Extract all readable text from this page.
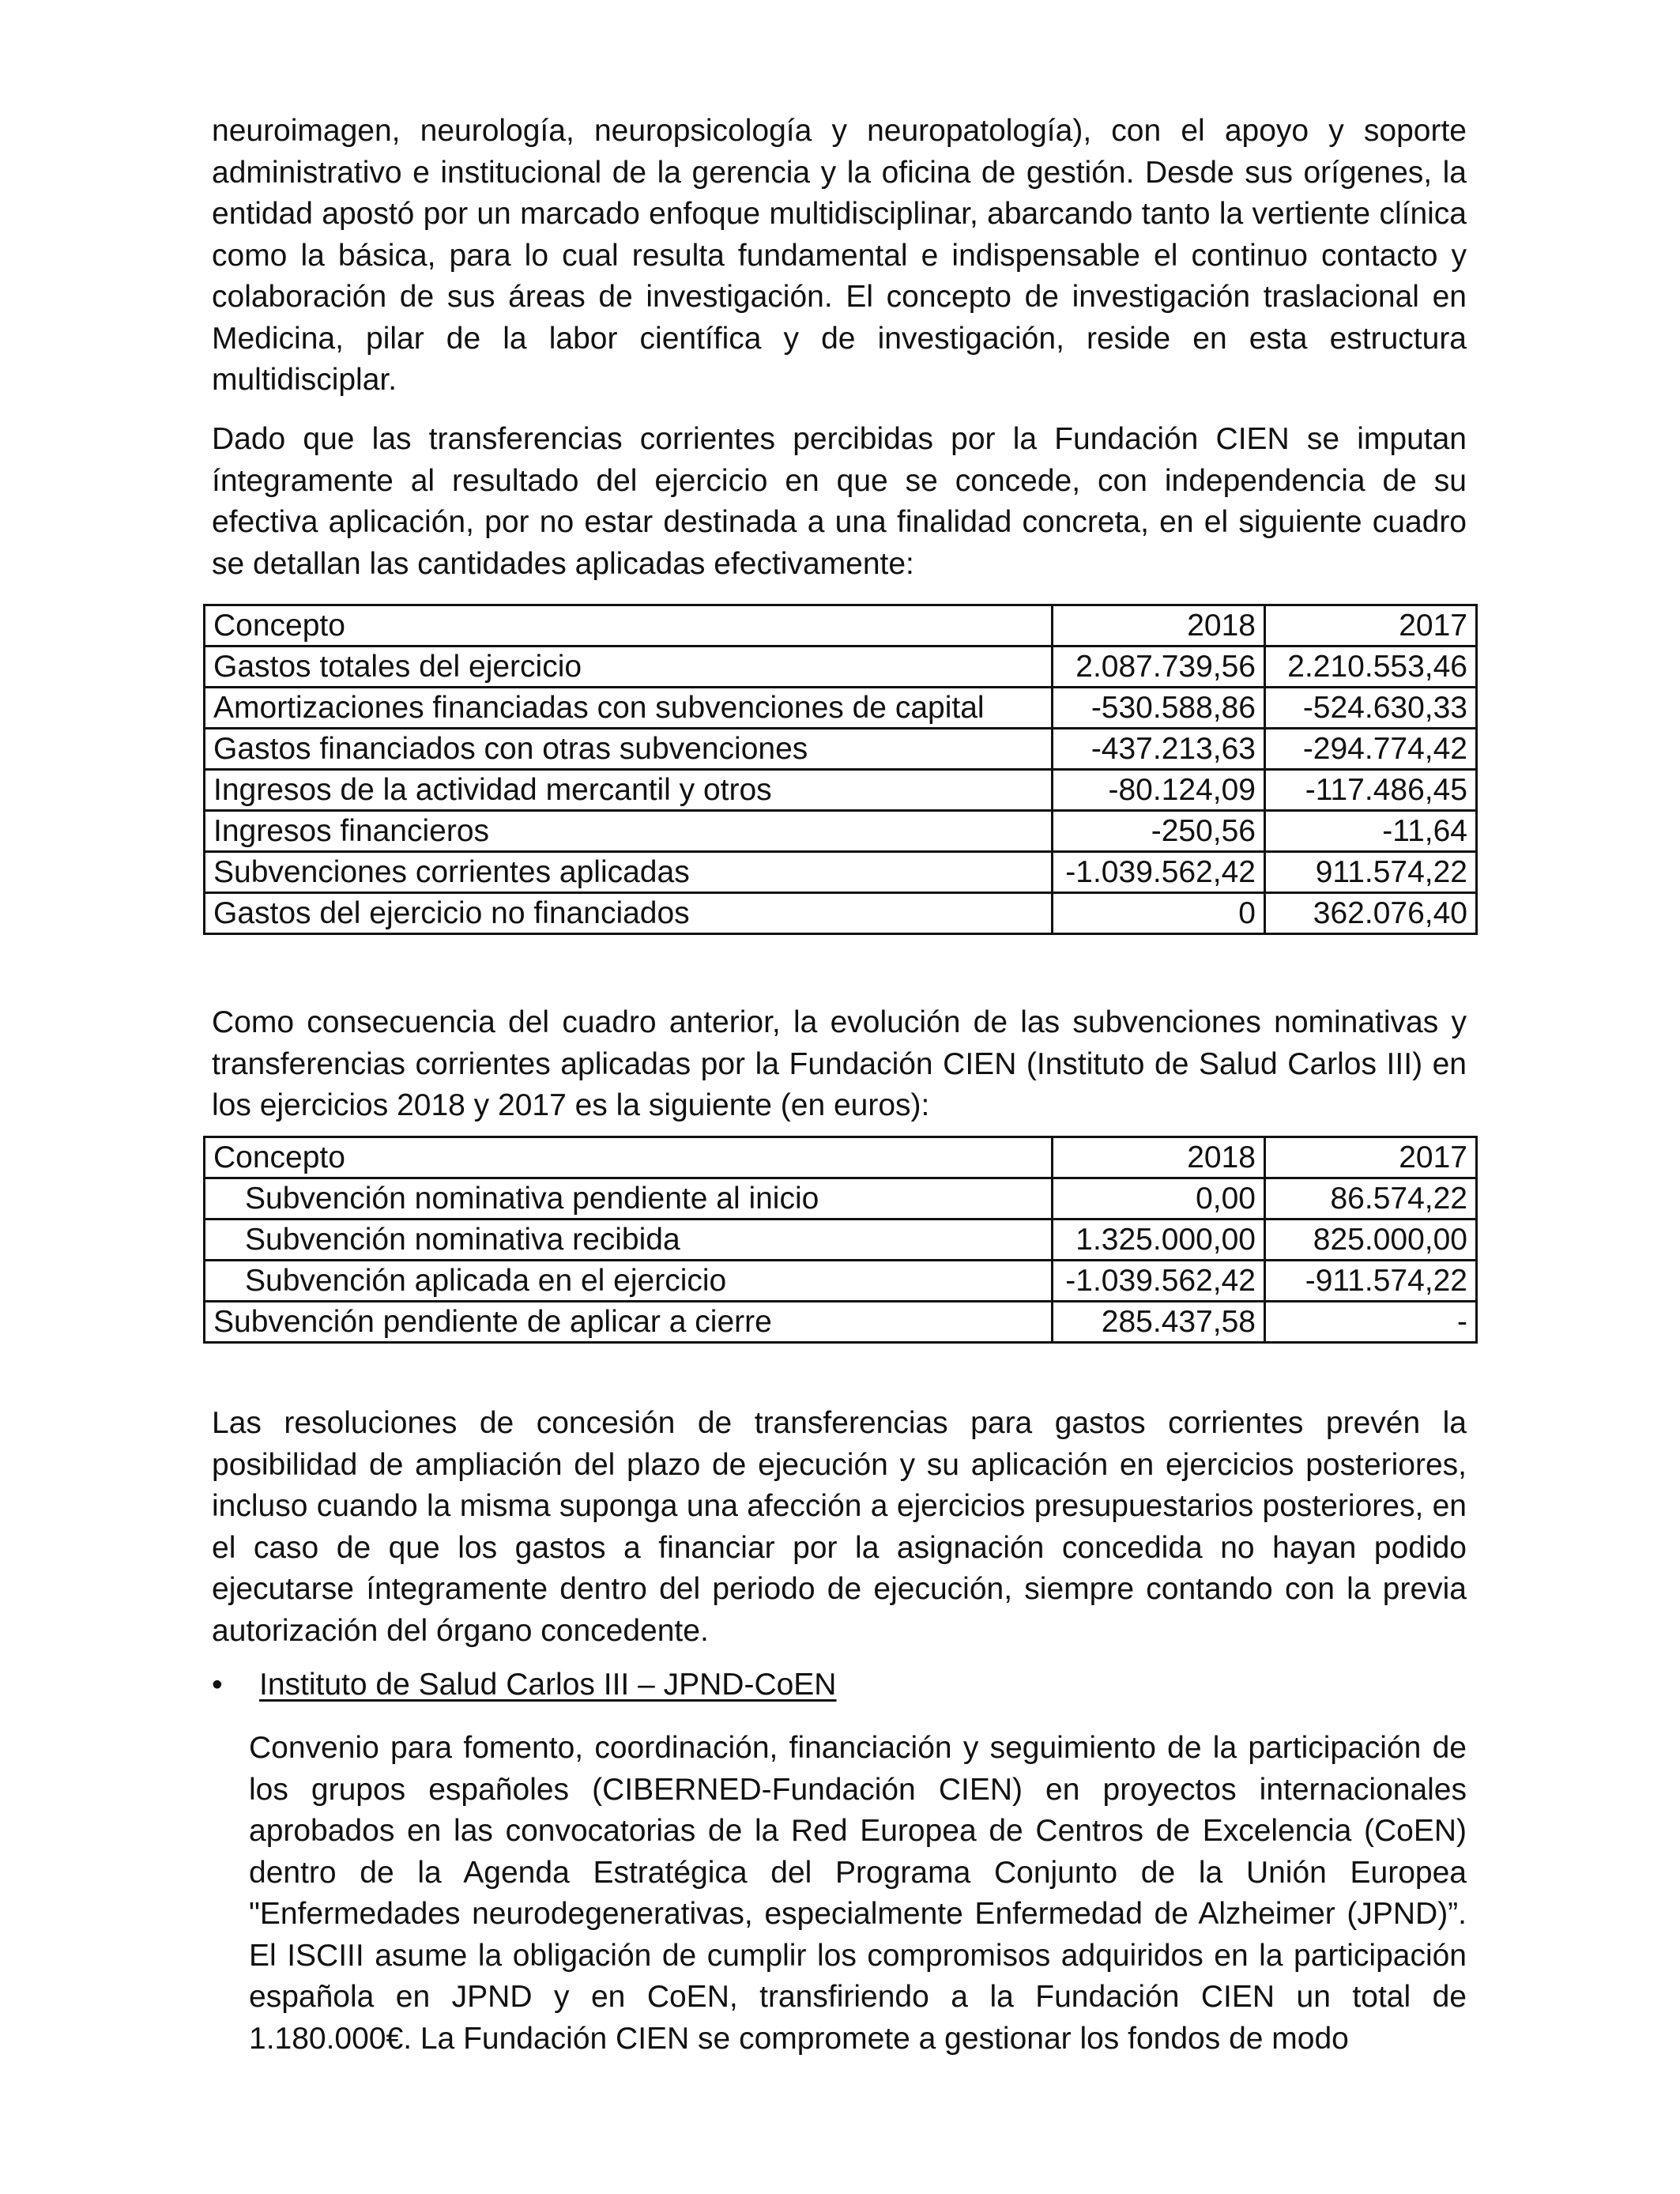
neuroimagen, neurología, neuropsicología y neuropatología), con el apoyo y soporte administrativo e institucional de la gerencia y la oficina de gestión. Desde sus orígenes, la entidad apostó por un marcado enfoque multidisciplinar, abarcando tanto la vertiente clínica como la básica, para lo cual resulta fundamental e indispensable el continuo contacto y colaboración de sus áreas de investigación. El concepto de investigación traslacional en Medicina, pilar de la labor científica y de investigación, reside en esta estructura multidisciplar.

Dado que las transferencias corrientes percibidas por la Fundación CIEN se imputan íntegramente al resultado del ejercicio en que se concede, con independencia de su efectiva aplicación, por no estar destinada a una finalidad concreta, en el siguiente cuadro se detallan las cantidades aplicadas efectivamente:

Concepto	2018	2017
Gastos totales del ejercicio	2.087.739,56	2.210.553,46
Amortizaciones financiadas con subvenciones de capital	-530.588,86	-524.630,33
Gastos financiados con otras subvenciones	-437.213,63	-294.774,42
Ingresos de la actividad mercantil y otros	-80.124,09	-117.486,45
Ingresos financieros	-250,56	-11,64
Subvenciones corrientes aplicadas	-1.039.562,42	911.574,22
Gastos del ejercicio no financiados	0	362.076,40

Como consecuencia del cuadro anterior, la evolución de las subvenciones nominativas y transferencias corrientes aplicadas por la Fundación CIEN (Instituto de Salud Carlos III) en los ejercicios 2018 y 2017 es la siguiente (en euros):

Concepto	2018	2017
Subvención nominativa pendiente al inicio	0,00	86.574,22
Subvención nominativa recibida	1.325.000,00	825.000,00
Subvención aplicada en el ejercicio	-1.039.562,42	-911.574,22
Subvención pendiente de aplicar a cierre	285.437,58	-

Las resoluciones de concesión de transferencias para gastos corrientes prevén la posibilidad de ampliación del plazo de ejecución y su aplicación en ejercicios posteriores, incluso cuando la misma suponga una afección a ejercicios presupuestarios posteriores, en el caso de que los gastos a financiar por la asignación concedida no hayan podido ejecutarse íntegramente dentro del periodo de ejecución, siempre contando con la previa autorización del órgano concedente.

• Instituto de Salud Carlos III – JPND-CoEN

Convenio para fomento, coordinación, financiación y seguimiento de la participación de los grupos españoles (CIBERNED-Fundación CIEN) en proyectos internacionales aprobados en las convocatorias de la Red Europea de Centros de Excelencia (CoEN) dentro de la Agenda Estratégica del Programa Conjunto de la Unión Europea "Enfermedades neurodegenerativas, especialmente Enfermedad de Alzheimer (JPND)”. El ISCIII asume la obligación de cumplir los compromisos adquiridos en la participación española en JPND y en CoEN, transfiriendo a la Fundación CIEN un total de 1.180.000€. La Fundación CIEN se compromete a gestionar los fondos de modo
